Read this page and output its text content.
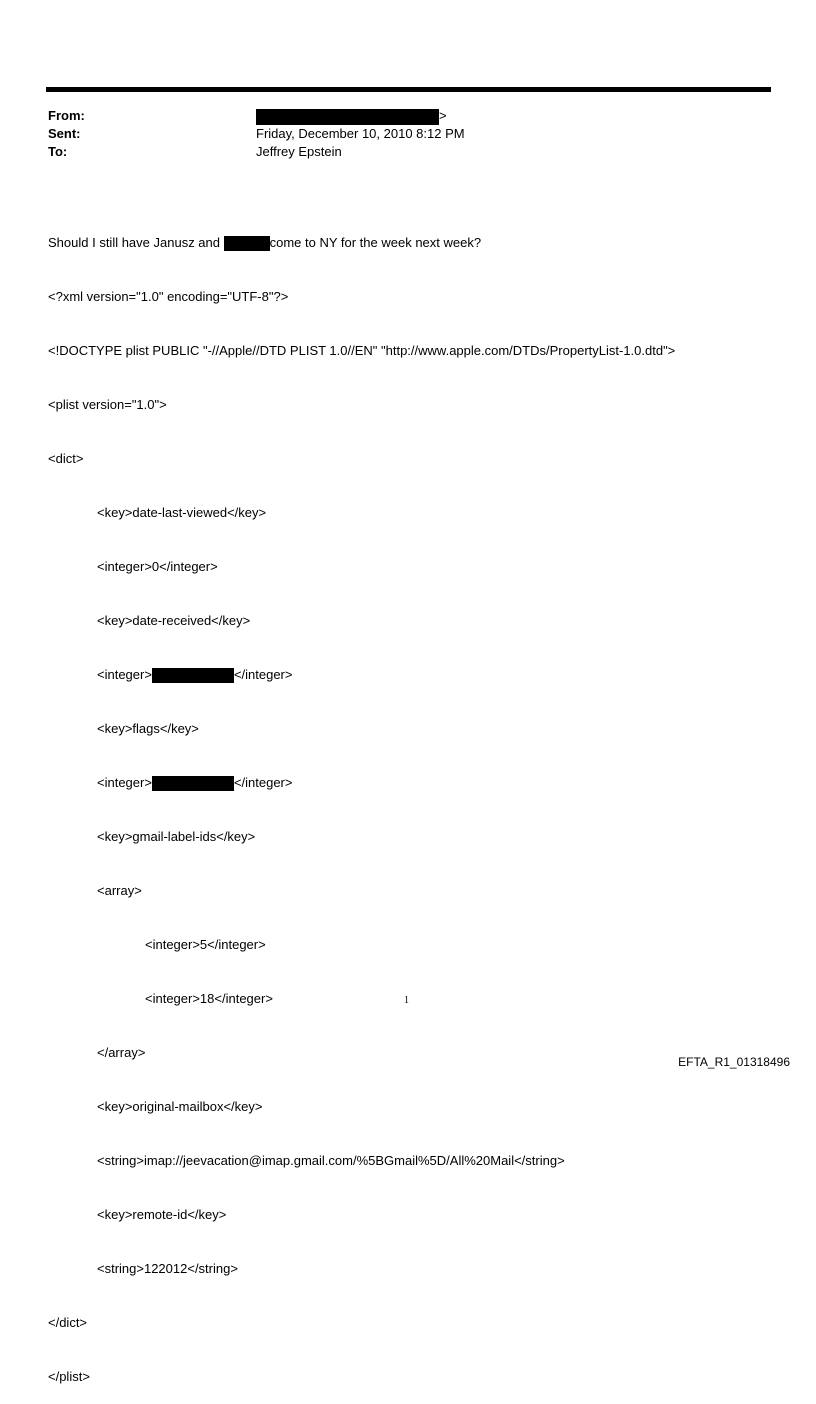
From:	>
Sent:	Friday, December 10, 2010 8:12 PM
To:	Jeffrey Epstein

Should I still have Janusz and	come to NY for the week next week?

<?xml version="1.0" encoding="UTF-8"?>

<!DOCTYPE plist PUBLIC "-//Apple//DTD PLIST 1.0//EN" "http://www.apple.com/DTDs/PropertyList-1.0.dtd">

<plist version="1.0">

<dict>

<key>date-last-viewed</key>

<integer>0</integer>

<key>date-received</key>

<integer>	</integer>

<key>flags</key>

<integer>	</integer>

<key>gmail-label-ids</key>

<array>

<integer>5</integer>

<integer>18</integer>

</array>

<key>original-mailbox</key>

<string>imap://jeevacation@imap.gmail.com/%5BGmail%5D/All%20Mail</string>

<key>remote-id</key>

<string>122012</string>

</dict>

</plist>

1
EFTA_R1_01318496
